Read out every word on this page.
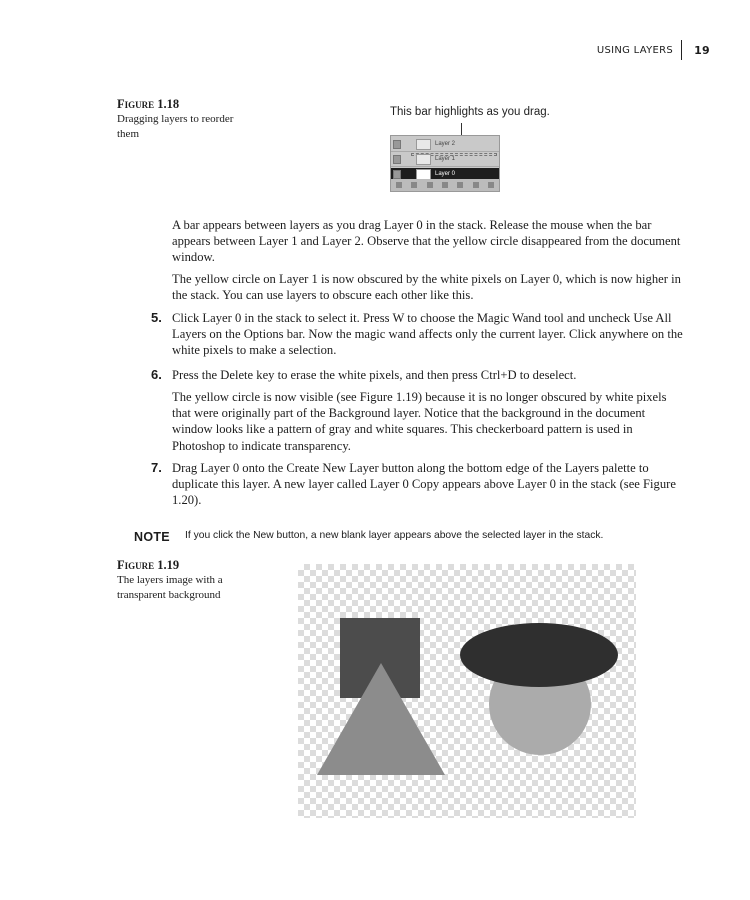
USING LAYERS	19
Figure 1.18
Dragging layers to reorder them
This bar highlights as you drag.
Layer 2
Layer 1
Layer 0
A bar appears between layers as you drag Layer 0 in the stack. Release the mouse when the bar appears between Layer 1 and Layer 2. Observe that the yellow circle disappeared from the document window.
The yellow circle on Layer 1 is now obscured by the white pixels on Layer 0, which is now higher in the stack. You can use layers to obscure each other like this.
5. Click Layer 0 in the stack to select it. Press W to choose the Magic Wand tool and uncheck Use All Layers on the Options bar. Now the magic wand affects only the current layer. Click anywhere on the white pixels to make a selection.
6. Press the Delete key to erase the white pixels, and then press Ctrl+D to deselect.
The yellow circle is now visible (see Figure 1.19) because it is no longer obscured by white pixels that were originally part of the Background layer. Notice that the background in the document window looks like a pattern of gray and white squares. This checkerboard pattern is used in Photoshop to indicate transparency.
7. Drag Layer 0 onto the Create New Layer button along the bottom edge of the Layers palette to duplicate this layer. A new layer called Layer 0 Copy appears above Layer 0 in the stack (see Figure 1.20).
NOTE If you click the New button, a new blank layer appears above the selected layer in the stack.
Figure 1.19
The layers image with a transparent background
